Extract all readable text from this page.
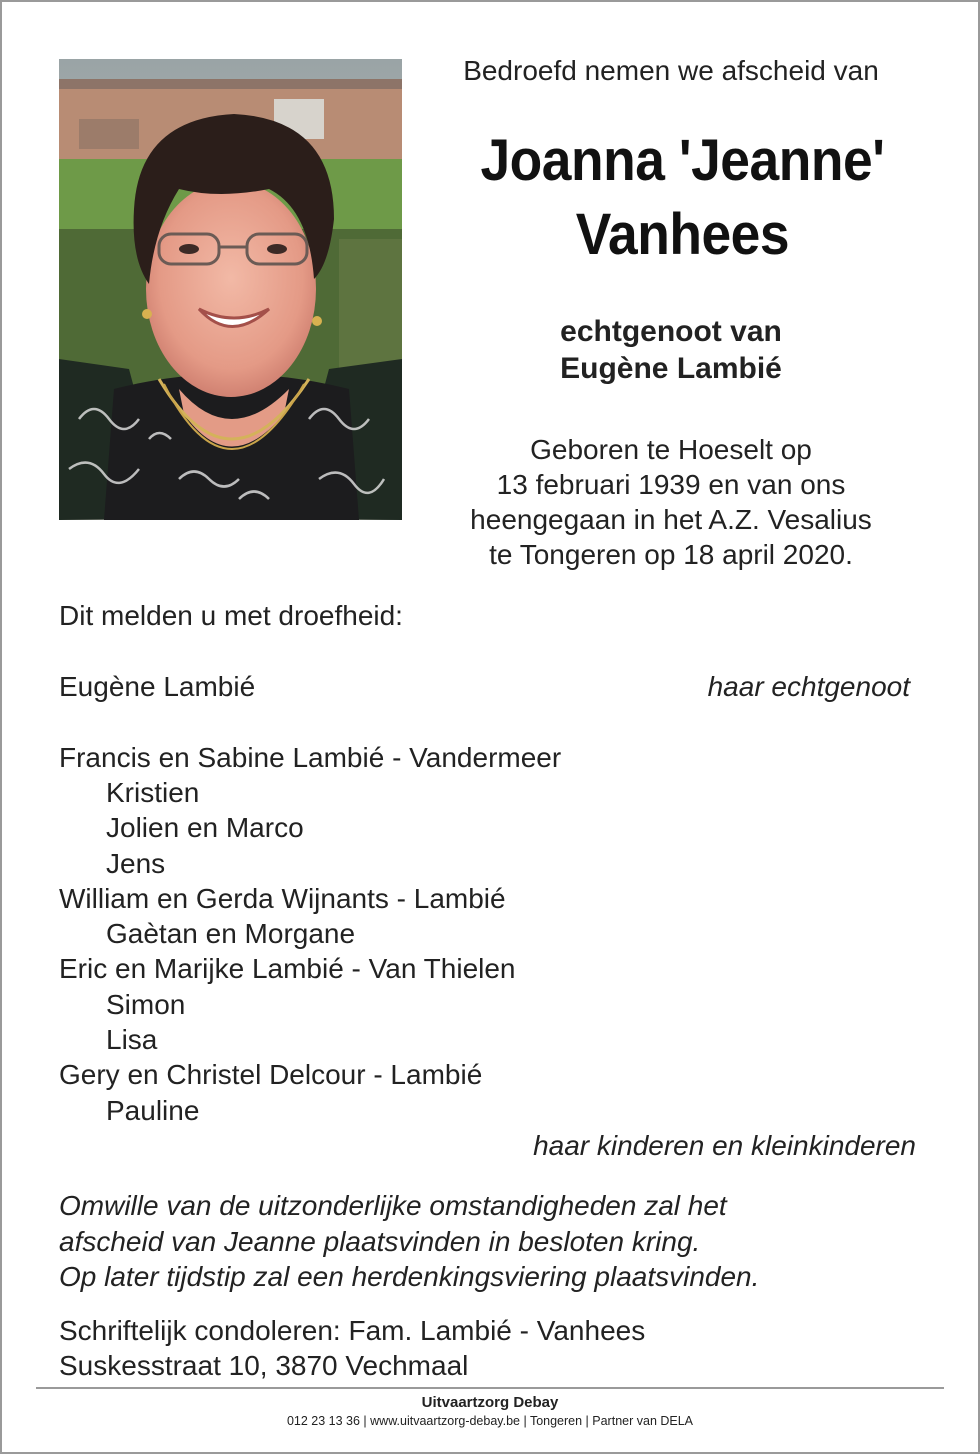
Bedroefd nemen we afscheid van
Joanna 'Jeanne'
Vanhees
echtgenoot van
Eugène Lambié
Geboren te Hoeselt op
13 februari 1939 en van ons
heengegaan in het A.Z. Vesalius
te Tongeren op 18 april 2020.
Dit melden u met droefheid:
Eugène Lambié	haar echtgenoot
Francis en Sabine Lambié - Vandermeer
Kristien
Jolien en Marco
Jens
William en Gerda Wijnants - Lambié
Gaètan en Morgane
Eric en Marijke Lambié - Van Thielen
Simon
Lisa
Gery en Christel Delcour - Lambié
Pauline
haar kinderen en kleinkinderen
Omwille van de uitzonderlijke omstandigheden zal het
afscheid van Jeanne plaatsvinden in besloten kring.
Op later tijdstip zal een herdenkingsviering plaatsvinden.
Schriftelijk condoleren: Fam. Lambié - Vanhees
Suskesstraat 10, 3870 Vechmaal
Uitvaartzorg Debay
012 23 13 36 | www.uitvaartzorg-debay.be | Tongeren | Partner van DELA
